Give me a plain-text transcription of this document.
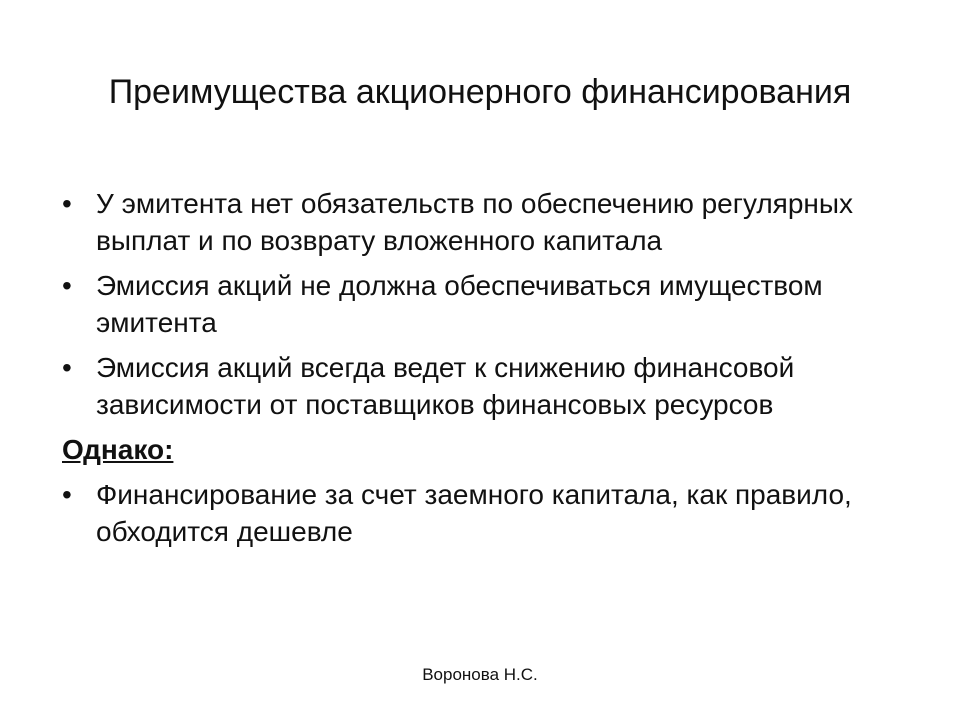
Преимущества акционерного финансирования
•
У эмитента нет обязательств по обеспечению регулярных выплат и по возврату вложенного капитала
•
Эмиссия акций не должна обеспечиваться имуществом эмитента
•
Эмиссия акций всегда ведет к снижению финансовой зависимости от поставщиков финансовых ресурсов
Однако:
•
Финансирование за счет заемного капитала, как правило, обходится дешевле
Воронова Н.С.
